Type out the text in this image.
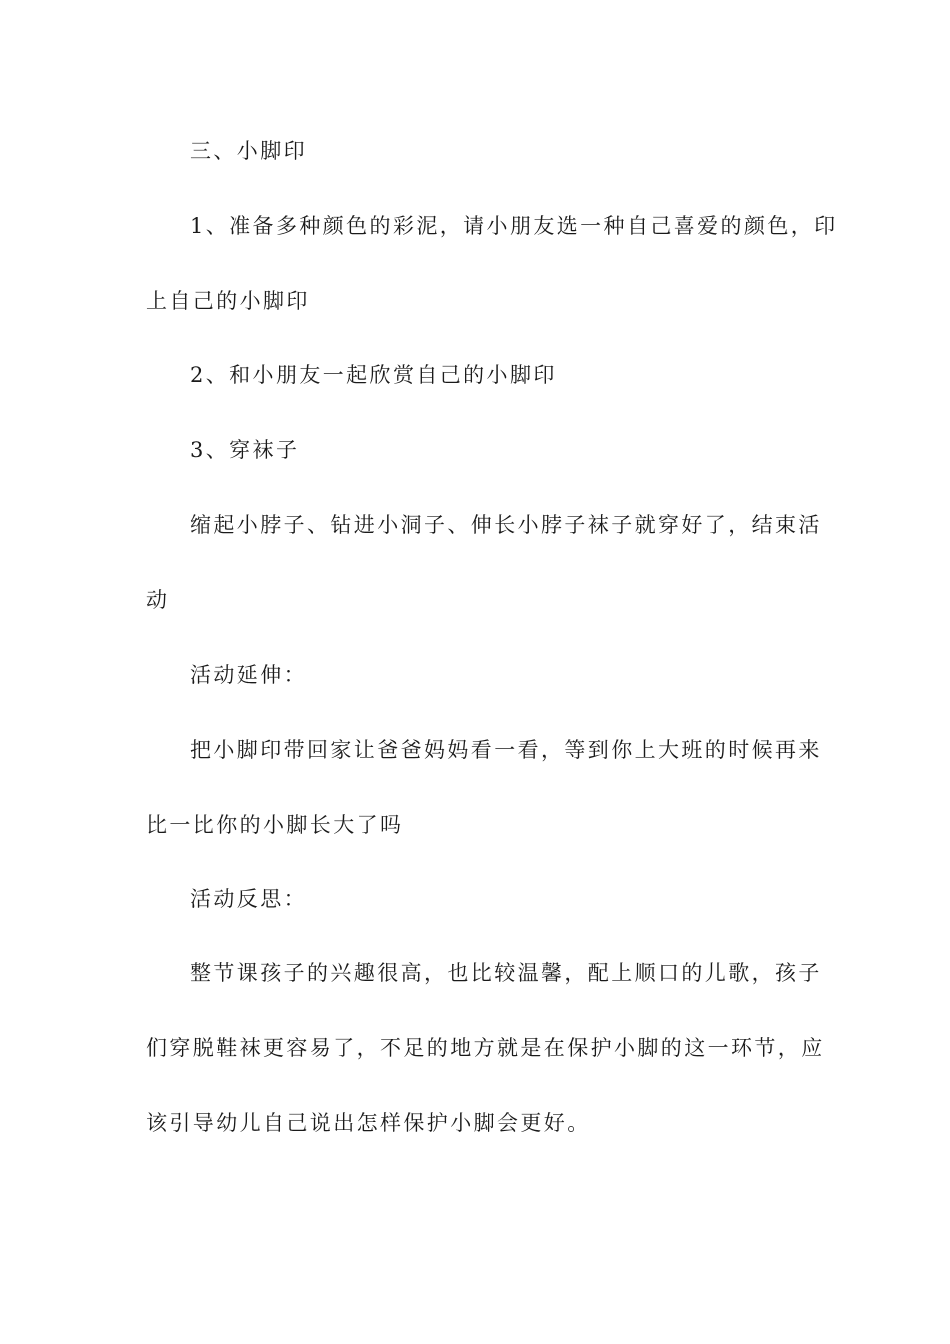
三、小脚印
1、准备多种颜色的彩泥，请小朋友选一种自己喜爱的颜色，印
上自己的小脚印
2、和小朋友一起欣赏自己的小脚印
3、穿袜子
缩起小脖子、钻进小洞子、伸长小脖子袜子就穿好了，结束活
动
活动延伸：
把小脚印带回家让爸爸妈妈看一看，等到你上大班的时候再来
比一比你的小脚长大了吗
活动反思：
整节课孩子的兴趣很高，也比较温馨，配上顺口的儿歌，孩子
们穿脱鞋袜更容易了，不足的地方就是在保护小脚的这一环节，应
该引导幼儿自己说出怎样保护小脚会更好。
